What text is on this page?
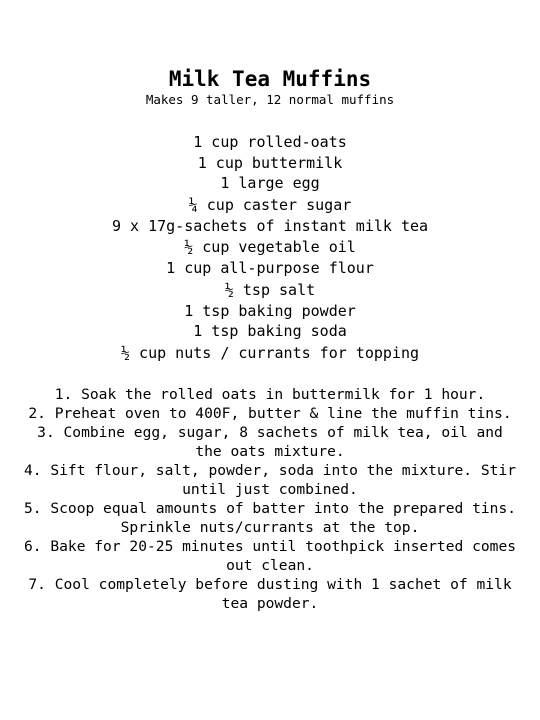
Milk Tea Muffins

Makes 9 taller, 12 normal muffins

1 cup rolled-oats
1 cup buttermilk
1 large egg
¼ cup caster sugar
9 x 17g-sachets of instant milk tea
½ cup vegetable oil
1 cup all-purpose flour
½ tsp salt
1 tsp baking powder
1 tsp baking soda
½ cup nuts / currants for topping
1. Soak the rolled oats in buttermilk for 1 hour.
2. Preheat oven to 400F, butter & line the muffin tins.
3. Combine egg, sugar, 8 sachets of milk tea, oil and the oats mixture.
4. Sift flour, salt, powder, soda into the mixture. Stir until just combined.
5. Scoop equal amounts of batter into the prepared tins. Sprinkle nuts/currants at the top.
6. Bake for 20-25 minutes until toothpick inserted comes out clean.
7. Cool completely before dusting with 1 sachet of milk tea powder.
